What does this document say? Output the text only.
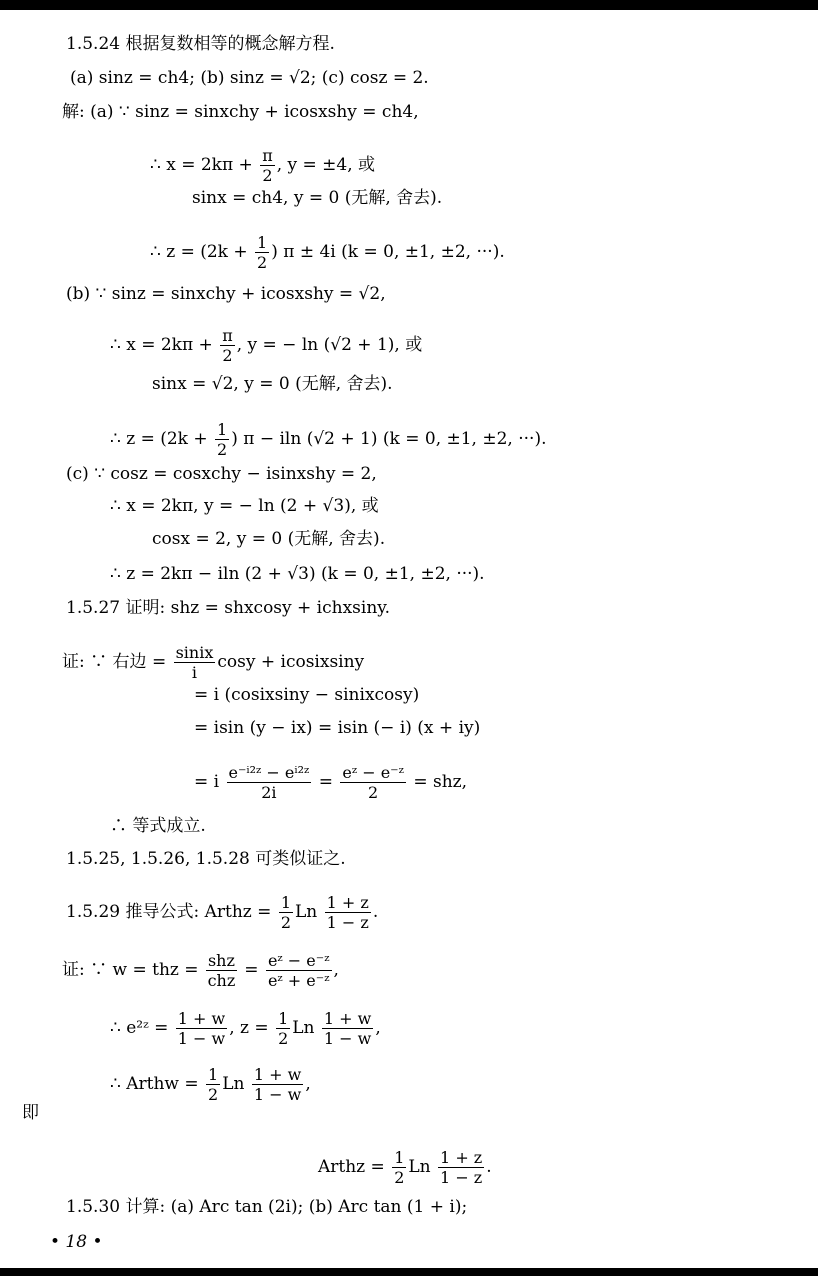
1.5.24 根据复数相等的概念解方程.
(a) sinz = ch4; (b) sinz = √2; (c) cosz = 2.
解: (a) ∵ sinz = sinxchy + icosxshy = ch4,
∴ $x = 2k\pi + \frac{\pi}{2}$ , y = ±4, 或
sinx = ch4, y = 0 (无解, 舍去).
∴ $z = (2k + \frac{1}{2}$ ) π ± 4i (k = 0, ±1, ±2, ···).
(b) ∵ sinz = sinxchy + icosxshy = √2,
∴ $x = 2k\pi + \frac{\pi}{2}$ , y = − ln (√2 + 1), 或
sinx = √2, y = 0 (无解, 舍去).
∴ $z = (2k + \frac{1}{2}$ ) π − iln (√2 + 1) (k = 0, ±1, ±2, ···).
(c) ∵ cosz = cosxchy − isinxshy = 2,
∴ x = 2kπ, y = − ln (2 + √3), 或
cosx = 2, y = 0 (无解, 舍去).
∴ z = 2kπ − iln (2 + √3) (k = 0, ±1, ±2, ···).
1.5.27 证明: shz = shxcosy + ichxsiny.
证: ∵ 右边 = $\frac{\text{sinix}}{i}$ cosy + icosixsiny
= i (cosixsiny − sinixcosy)
= isin (y − ix) = isin (− i) (x + iy)
= i $\frac{\text{e⁻ⁱ²ᶻ − eⁱ²ᶻ}}{2i} = \frac{\text{eᶻ − e⁻ᶻ}}{2}$ = shz,
∴ 等式成立.
1.5.25, 1.5.26, 1.5.28 可类似证之.
1.5.29 推导公式: Arthz = $\frac{1}{2}$ Ln $\frac{1 + z}{1 - z}$ .
证: ∵ w = thz = $\frac{\text{shz}}{\text{chz}} = \frac{\text{eᶻ − e⁻ᶻ}}{\text{eᶻ + e⁻ᶻ}}$ ,
∴ e²ᶻ = $\frac{1 + w}{1 - w}$ , $z = \frac{1}{2}$ Ln $\frac{1 + w}{1 - w}$ ,
∴ Arthw = $\frac{1}{2}$ Ln $\frac{1 + w}{1 - w}$ ,
即
Arthz = $\frac{1}{2}$ Ln $\frac{1 + z}{1 - z}$ .
1.5.30 计算: (a) Arc tan (2i); (b) Arc tan (1 + i);
• 18 •
